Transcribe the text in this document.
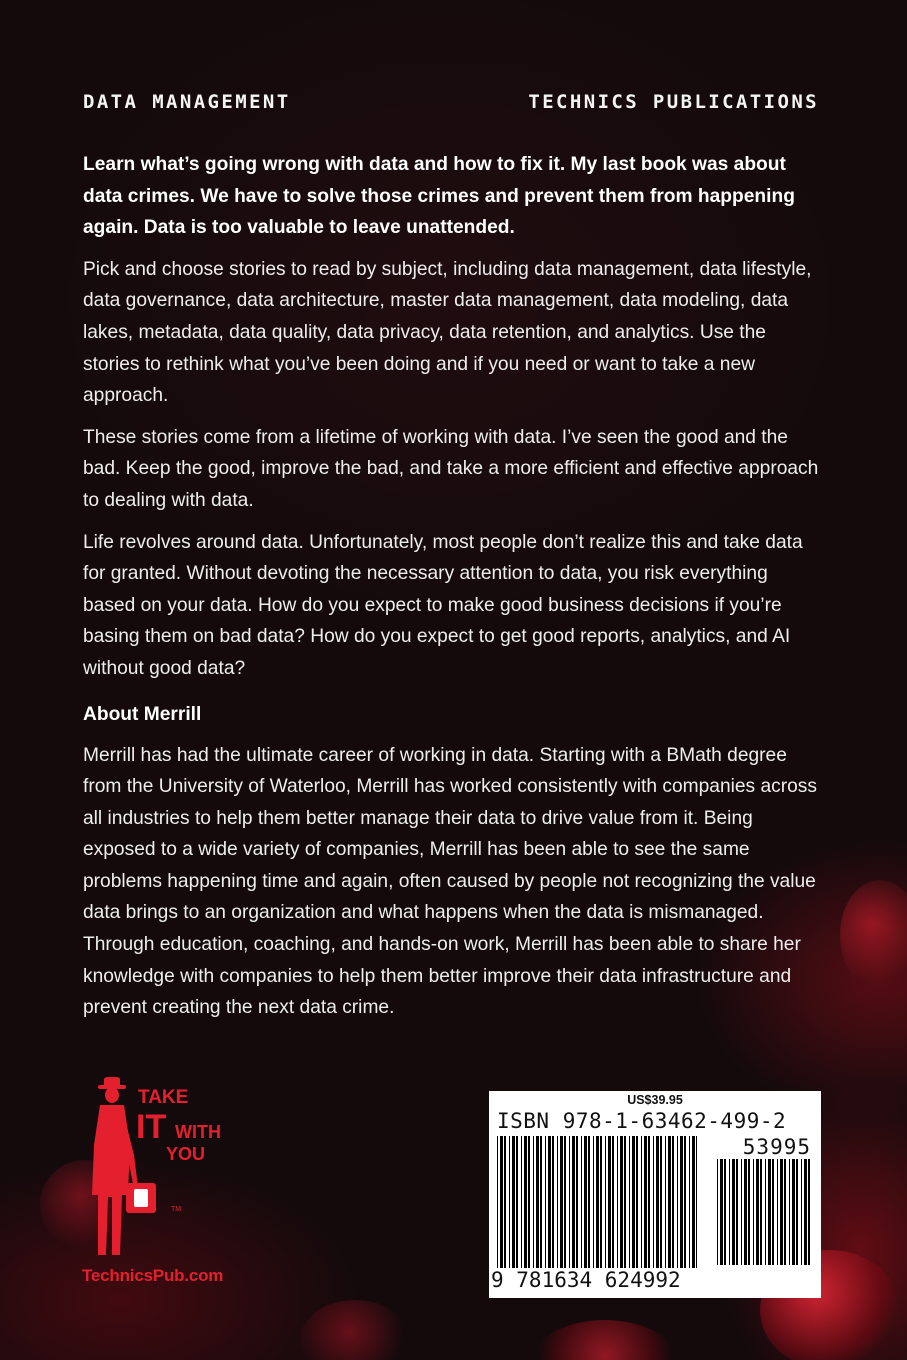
DATA MANAGEMENT	TECHNICS PUBLICATIONS

Learn what’s going wrong with data and how to fix it. My last book was about data crimes. We have to solve those crimes and prevent them from happening again. Data is too valuable to leave unattended.

Pick and choose stories to read by subject, including data management, data lifestyle, data governance, data architecture, master data management, data modeling, data lakes, metadata, data quality, data privacy, data retention, and analytics. Use the stories to rethink what you’ve been doing and if you need or want to take a new approach.

These stories come from a lifetime of working with data. I’ve seen the good and the bad. Keep the good, improve the bad, and take a more efficient and effective approach to dealing with data.

Life revolves around data. Unfortunately, most people don’t realize this and take data for granted. Without devoting the necessary attention to data, you risk everything based on your data. How do you expect to make good business decisions if you’re basing them on bad data? How do you expect to get good reports, analytics, and AI without good data?

About Merrill

Merrill has had the ultimate career of working in data. Starting with a BMath degree from the University of Waterloo, Merrill has worked consistently with companies across all industries to help them better manage their data to drive value from it. Being exposed to a wide variety of companies, Merrill has been able to see the same problems happening time and again, often caused by people not recognizing the value data brings to an organization and what happens when the data is mismanaged. Through education, coaching, and hands-on work, Merrill has been able to share her knowledge with companies to help them better improve their data infrastructure and prevent creating the next data crime.

TAKE
IT WITH
YOU
TM
TechnicsPub.com
US$39.95
ISBN 978-1-63462-499-2
53995
9 781634 624992
